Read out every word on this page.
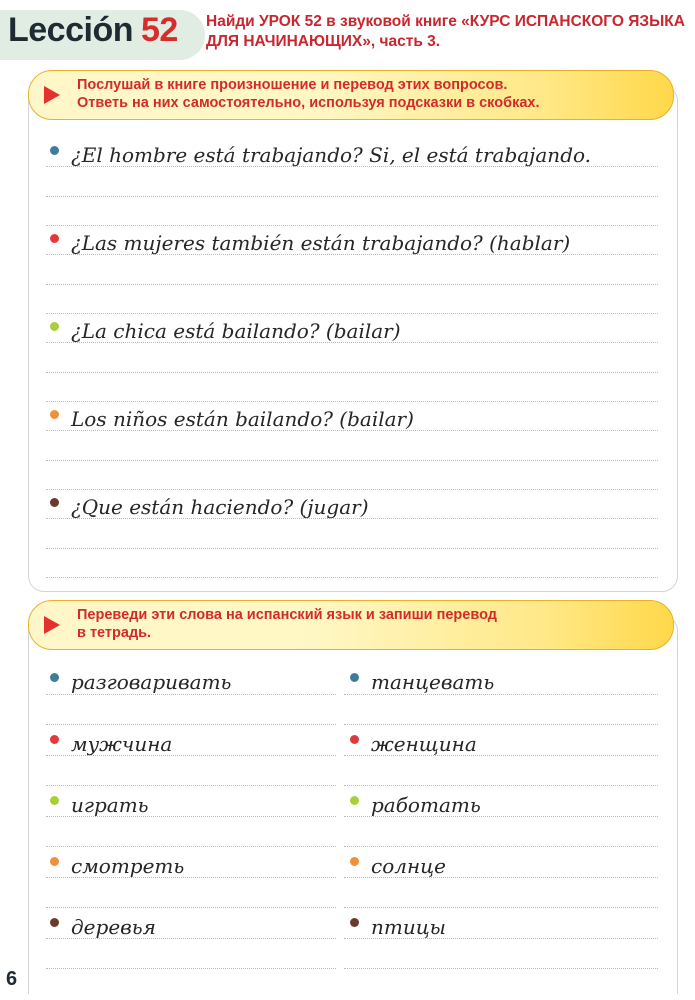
Lección 52 Найди УРОК 52 в звуковой книге «КУРС ИСПАНСКОГО ЯЗЫКА ДЛЯ НАЧИНАЮЩИХ», часть 3.
Послушай в книге произношение и перевод этих вопросов.
Ответь на них самостоятельно, используя подсказки в скобках.
¿El hombre está trabajando? Si, el está trabajando.
¿Las mujeres también están trabajando? (hablar)
¿La chica está bailando? (bailar)
Los niños están bailando? (bailar)
¿Que están haciendo? (jugar)
Переведи эти слова на испанский язык и запиши перевод
в тетрадь.
разговаривать
мужчина
играть
смотреть
деревья
танцевать
женщина
работать
солнце
птицы
6
